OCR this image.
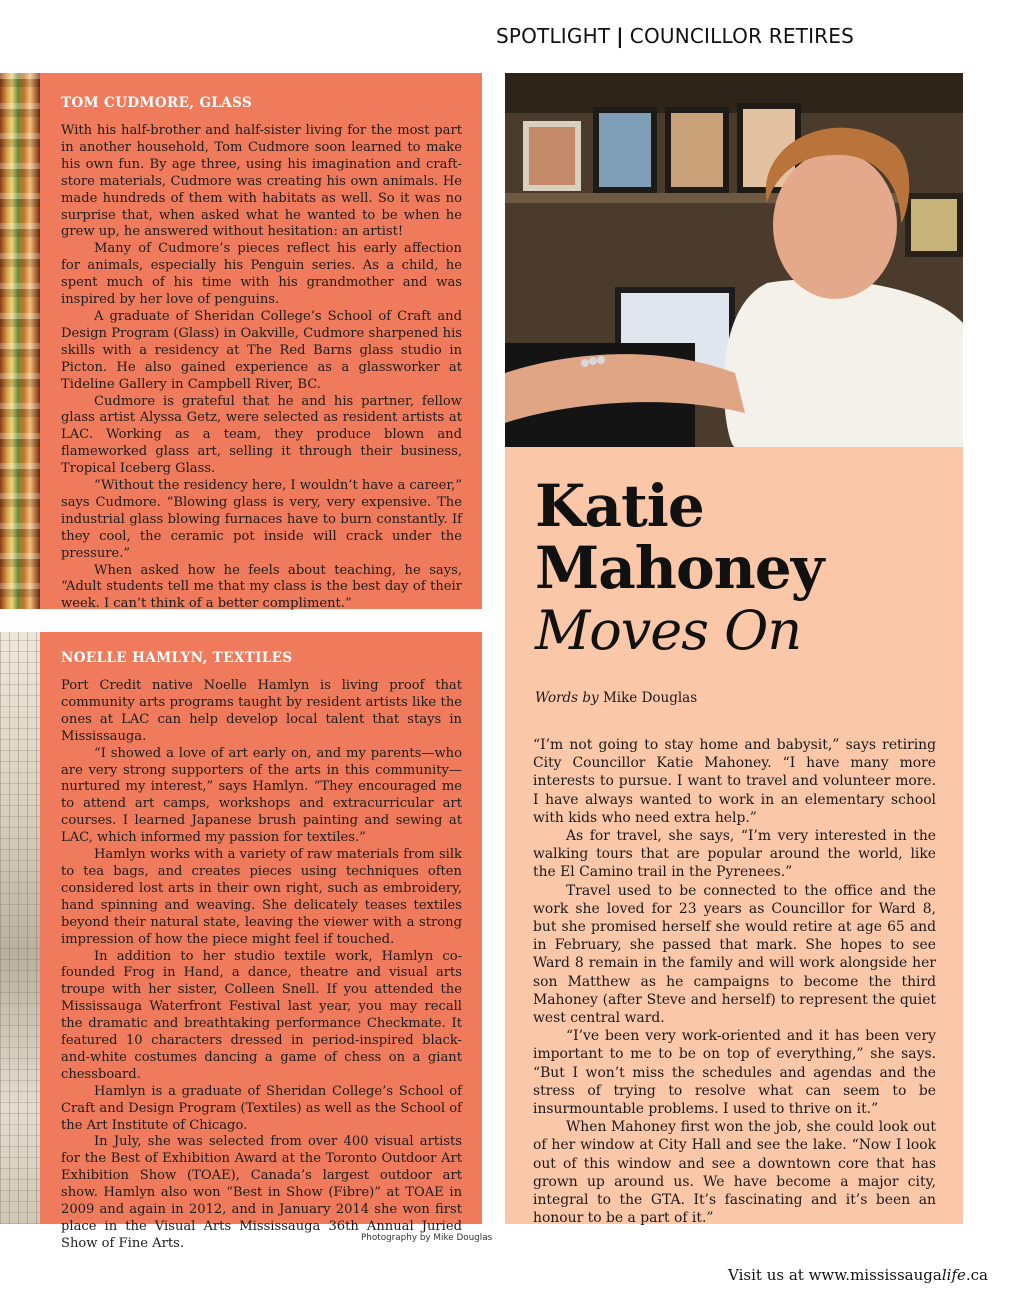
SPOTLIGHT | COUNCILLOR RETIRES
TOM CUDMORE, GLASS

With his half-brother and half-sister living for the most part in another household, Tom Cudmore soon learned to make his own fun. By age three, using his imagination and craft-store materials, Cudmore was creating his own animals. He made hundreds of them with habitats as well. So it was no surprise that, when asked what he wanted to be when he grew up, he answered without hesitation: an artist!

Many of Cudmore’s pieces reflect his early affection for animals, especially his Penguin series. As a child, he spent much of his time with his grandmother and was inspired by her love of penguins.

A graduate of Sheridan College’s School of Craft and Design Program (Glass) in Oakville, Cudmore sharpened his skills with a residency at The Red Barns glass studio in Picton. He also gained experience as a glassworker at Tideline Gallery in Campbell River, BC.

Cudmore is grateful that he and his partner, fellow glass artist Alyssa Getz, were selected as resident artists at LAC. Working as a team, they produce blown and flameworked glass art, selling it through their business, Tropical Iceberg Glass.

“Without the residency here, I wouldn’t have a career,” says Cudmore. “Blowing glass is very, very expensive. The industrial glass blowing furnaces have to burn constantly. If they cool, the ceramic pot inside will crack under the pressure.”

When asked how he feels about teaching, he says, “Adult students tell me that my class is the best day of their week. I can’t think of a better compliment.”

NOELLE HAMLYN, TEXTILES

Port Credit native Noelle Hamlyn is living proof that community arts programs taught by resident artists like the ones at LAC can help develop local talent that stays in Mississauga.

“I showed a love of art early on, and my parents—who are very strong supporters of the arts in this community—nurtured my interest,” says Hamlyn. “They encouraged me to attend art camps, workshops and extracurricular art courses. I learned Japanese brush painting and sewing at LAC, which informed my passion for textiles.”

Hamlyn works with a variety of raw materials from silk to tea bags, and creates pieces using techniques often considered lost arts in their own right, such as embroidery, hand spinning and weaving. She delicately teases textiles beyond their natural state, leaving the viewer with a strong impression of how the piece might feel if touched.

In addition to her studio textile work, Hamlyn co-founded Frog in Hand, a dance, theatre and visual arts troupe with her sister, Colleen Snell. If you attended the Mississauga Waterfront Festival last year, you may recall the dramatic and breathtaking performance Checkmate. It featured 10 characters dressed in period-inspired black-and-white costumes dancing a game of chess on a giant chessboard.

Hamlyn is a graduate of Sheridan College’s School of Craft and Design Program (Textiles) as well as the School of the Art Institute of Chicago.

In July, she was selected from over 400 visual artists for the Best of Exhibition Award at the Toronto Outdoor Art Exhibition Show (TOAE), Canada’s largest outdoor art show. Hamlyn also won “Best in Show (Fibre)” at TOAE in 2009 and again in 2012, and in January 2014 she won first place in the Visual Arts Mississauga 36th Annual Juried Show of Fine Arts.

Katie
Mahoney
Moves On
Words by Mike Douglas

“I’m not going to stay home and babysit,” says retiring City Councillor Katie Mahoney. “I have many more interests to pursue. I want to travel and volunteer more. I have always wanted to work in an elementary school with kids who need extra help.”

As for travel, she says, “I’m very interested in the walking tours that are popular around the world, like the El Camino trail in the Pyrenees.”

Travel used to be connected to the office and the work she loved for 23 years as Councillor for Ward 8, but she promised herself she would retire at age 65 and in February, she passed that mark. She hopes to see Ward 8 remain in the family and will work alongside her son Matthew as he campaigns to become the third Mahoney (after Steve and herself) to represent the quiet west central ward.

“I’ve been very work-oriented and it has been very important to me to be on top of everything,” she says. “But I won’t miss the schedules and agendas and the stress of trying to resolve what can seem to be insurmountable problems. I used to thrive on it.”

When Mahoney first won the job, she could look out of her window at City Hall and see the lake. “Now I look out of this window and see a downtown core that has grown up around us. We have become a major city, integral to the GTA. It’s fascinating and it’s been an honour to be a part of it.”

Photography by Mike Douglas
Visit us at www.mississaugalife.ca
